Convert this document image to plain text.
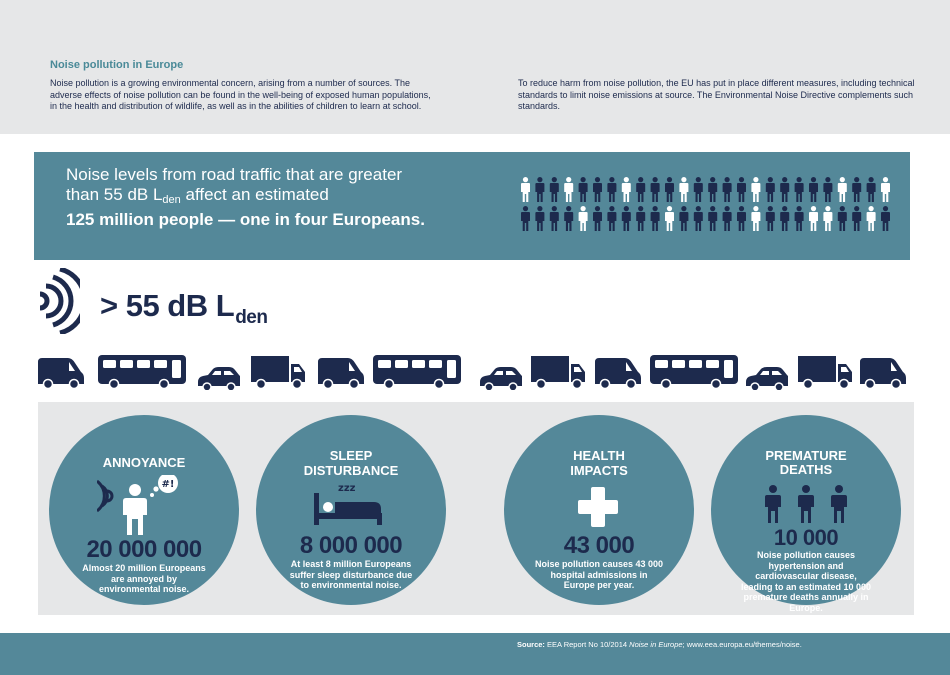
Noise pollution in Europe
Noise pollution is a growing environmental concern, arising from a number of sources. The adverse effects of noise pollution can be found in the well-being of exposed human populations, in the health and distribution of wildlife, as well as in the abilities of children to learn at school.
To reduce harm from noise pollution, the EU has put in place different measures, including technical standards to limit noise emissions at source. The Environmental Noise Directive complements such standards.
Noise levels from road traffic that are greater
than 55 dB $L_{den}$ affect an estimated
125 million people — one in four Europeans.
> 55 dB $L_{den}$
ANNOYANCE
#!
20 000 000
Almost 20 million Europeans are annoyed by environmental noise.
SLEEP
DISTURBANCE
zzz
8 000 000
At least 8 million Europeans suffer sleep disturbance due to environmental noise.
HEALTH
IMPACTS
43 000
Noise pollution causes 43 000 hospital admissions in Europe per year.
PREMATURE
DEATHS
10 000
Noise pollution causes hypertension and cardiovascular disease, leading to an estimated 10 000 premature deaths annually in Europe.
Source: EEA Report No 10/2014 Noise in Europe; www.eea.europa.eu/themes/noise.
